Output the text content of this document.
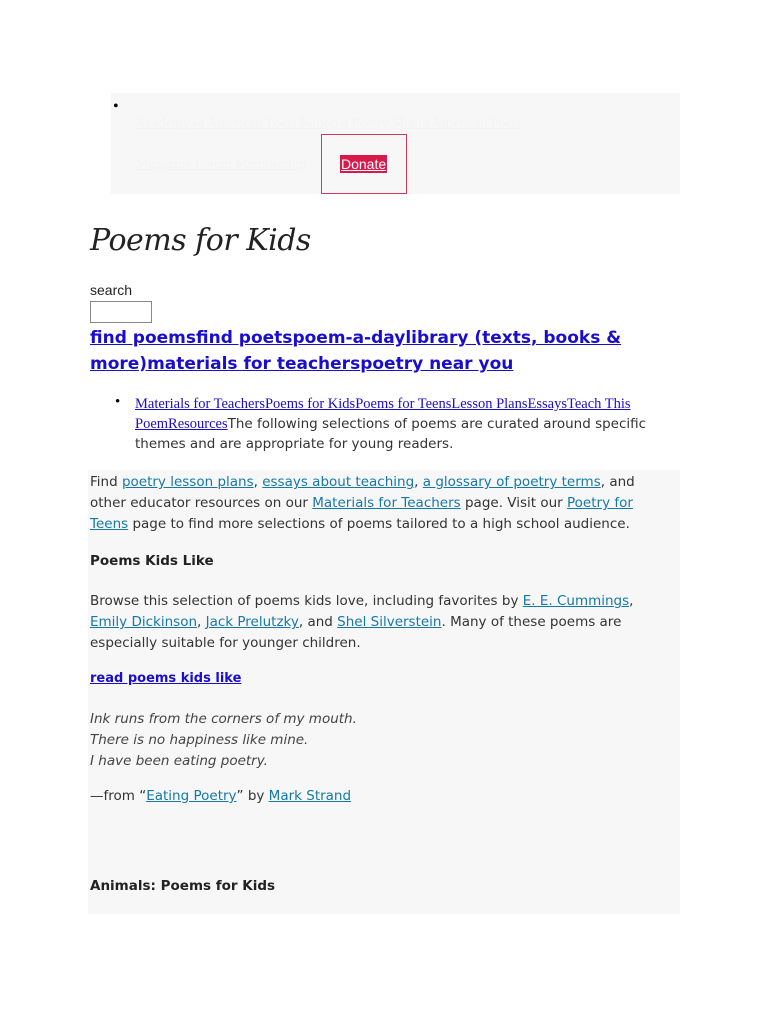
•
Academy of American Poets National Poetry Month American Poets
Magazine Forum Membership Donate
Poems for Kids
search
find poemsfind poetspoem-a-daylibrary (texts, books & more)materials for teacherspoetry near you
• Materials for TeachersPoems for KidsPoems for TeensLesson PlansEssaysTeach This PoemResourcesThe following selections of poems are curated around specific themes and are appropriate for young readers.
Find poetry lesson plans, essays about teaching, a glossary of poetry terms, and other educator resources on our Materials for Teachers page. Visit our Poetry for Teens page to find more selections of poems tailored to a high school audience.
Poems Kids Like
Browse this selection of poems kids love, including favorites by E. E. Cummings, Emily Dickinson, Jack Prelutzky, and Shel Silverstein. Many of these poems are especially suitable for younger children.
read poems kids like
Ink runs from the corners of my mouth.
There is no happiness like mine.
I have been eating poetry.
—from “Eating Poetry” by Mark Strand
Animals: Poems for Kids
